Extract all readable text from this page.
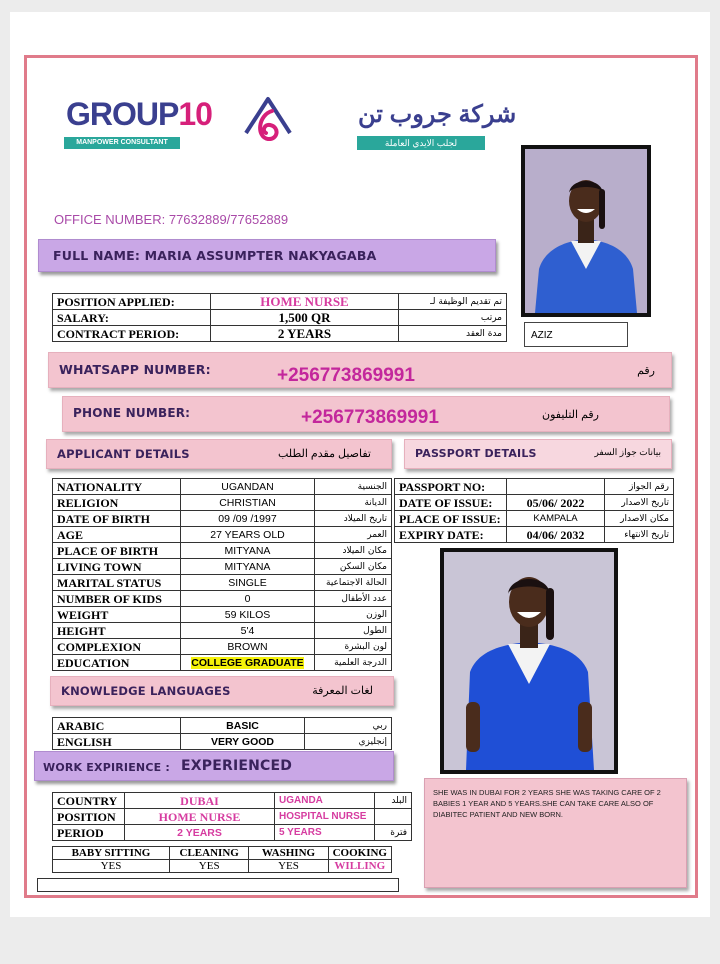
GROUP10
MANPOWER CONSULTANT
شركة جروب تن
لجلب الايدي العاملة
OFFICE NUMBER: 77632889/77652889
AZIZ
FULL NAME: MARIA ASSUMPTER NAKYAGABA
POSITION APPLIED:	HOME NURSE	تم تقديم الوظيفة لـ
SALARY:	1,500 QR	مرتب
CONTRACT PERIOD:	2 YEARS	مدة العقد
WHATSAPP NUMBER:	+256773869991	رقم
PHONE NUMBER:	+256773869991	رقم التليفون
APPLICANT DETAILS	تفاصيل مقدم الطلب	PASSPORT DETAILS	بيانات جواز السفر
NATIONALITY	UGANDAN	الجنسية
RELIGION	CHRISTIAN	الديانة
DATE OF BIRTH	09 /09 /1997	تاريخ الميلاد
AGE	27 YEARS OLD	العمر
PLACE OF BIRTH	MITYANA	مكان الميلاد
LIVING TOWN	MITYANA	مكان السكن
MARITAL STATUS	SINGLE	الحالة الاجتماعية
NUMBER OF KIDS	0	عدد الأطفال
WEIGHT	59 KILOS	الوزن
HEIGHT	5'4	الطول
COMPLEXION	BROWN	لون البشرة
EDUCATION	COLLEGE GRADUATE	الدرجة العلمية
PASSPORT NO:		رقم الجواز
DATE OF ISSUE:	05/06/ 2022	تاريخ الاصدار
PLACE OF ISSUE:	KAMPALA	مكان الاصدار
EXPIRY DATE:	04/06/ 2032	تاريخ الانتهاء
KNOWLEDGE LANGUAGES	لغات المعرفة
ARABIC	BASIC	ربي
ENGLISH	VERY GOOD	إنجليزي
WORK EXPIRIENCE : EXPERIENCED
COUNTRY	DUBAI	UGANDA	البلد
POSITION	HOME NURSE	HOSPITAL NURSE	
PERIOD	2 YEARS	5 YEARS	فترة
BABY SITTING	CLEANING	WASHING	COOKING
YES	YES	YES	WILLING
SHE WAS IN DUBAI FOR 2 YEARS SHE WAS TAKING CARE OF 2 BABIES 1 YEAR AND 5 YEARS.SHE CAN TAKE CARE ALSO OF DIABITEC PATIENT AND NEW BORN.
